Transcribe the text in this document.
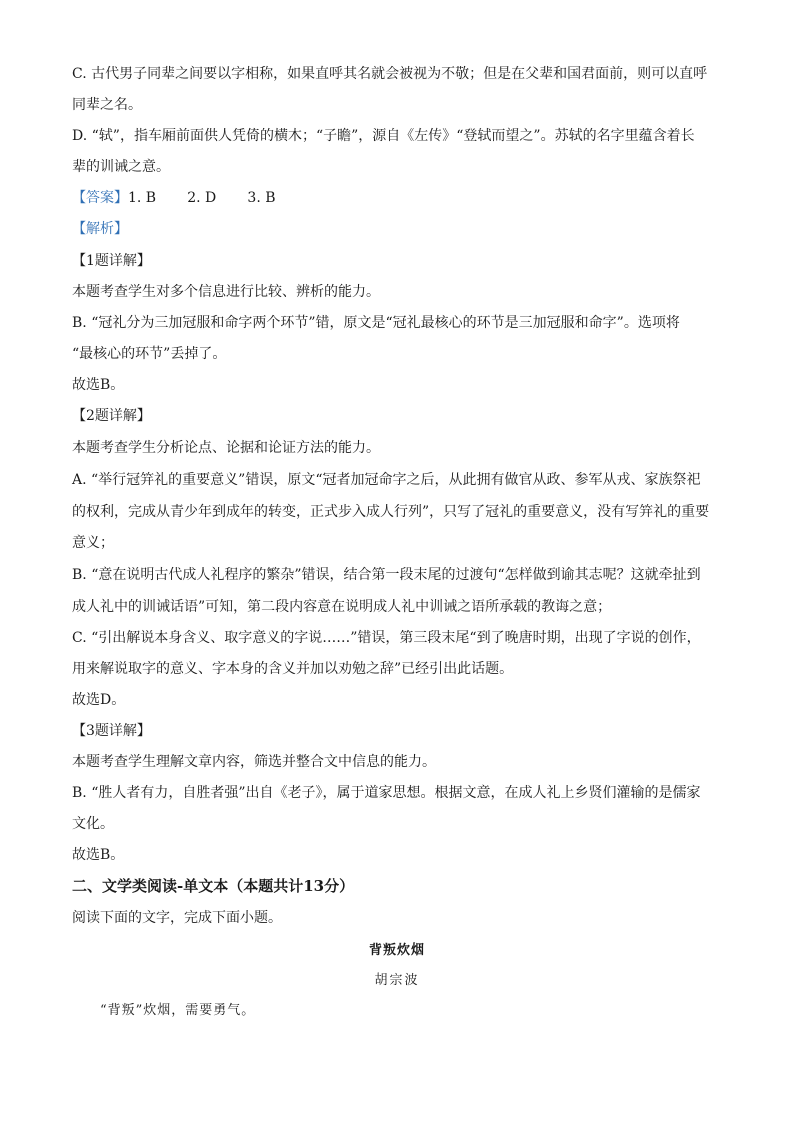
C. 古代男子同辈之间要以字相称，如果直呼其名就会被视为不敬；但是在父辈和国君面前，则可以直呼
同辈之名。
D. “轼”，指车厢前面供人凭倚的横木；“子瞻”，源自《左传》“登轼而望之”。苏轼的名字里蕴含着长
辈的训诫之意。
【答案】1. B       2. D       3. B
【解析】
【1题详解】
本题考查学生对多个信息进行比较、辨析的能力。
B. “冠礼分为三加冠服和命字两个环节”错，原文是“冠礼最核心的环节是三加冠服和命字”。选项将
“最核心的环节”丢掉了。
故选B。
【2题详解】
本题考查学生分析论点、论据和论证方法的能力。
A. “举行冠笄礼的重要意义”错误，原文“冠者加冠命字之后，从此拥有做官从政、参军从戎、家族祭祀
的权利，完成从青少年到成年的转变，正式步入成人行列”，只写了冠礼的重要意义，没有写笄礼的重要
意义；
B. “意在说明古代成人礼程序的繁杂”错误，结合第一段末尾的过渡句“怎样做到谕其志呢？这就牵扯到
成人礼中的训诫话语”可知，第二段内容意在说明成人礼中训诫之语所承载的教诲之意；
C. “引出解说本身含义、取字意义的字说……”错误，第三段末尾“到了晚唐时期，出现了字说的创作，
用来解说取字的意义、字本身的含义并加以劝勉之辞”已经引出此话题。
故选D。
【3题详解】
本题考查学生理解文章内容，筛选并整合文中信息的能力。
B. “胜人者有力，自胜者强”出自《老子》，属于道家思想。根据文意，在成人礼上乡贤们灌输的是儒家
文化。
故选B。
二、文学类阅读-单文本（本题共计13分）
阅读下面的文字，完成下面小题。
背叛炊烟
胡宗波
“背叛”炊烟，需要勇气。
